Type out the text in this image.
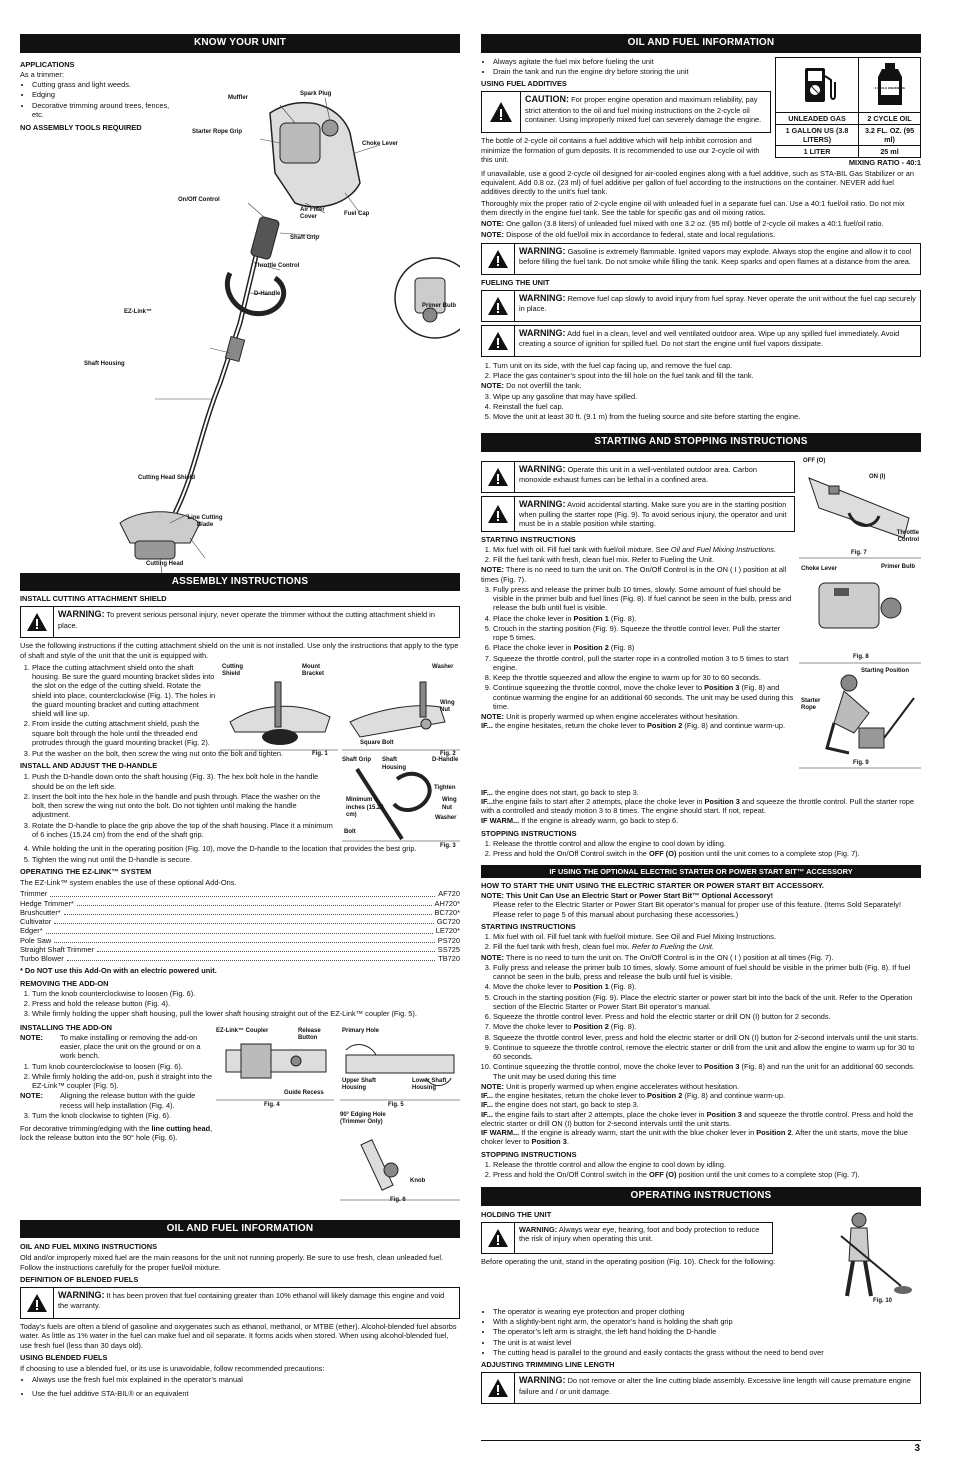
KNOW YOUR UNIT
APPLICATIONS
As a trimmer:
• Cutting grass and light weeds.
• Edging
• Decorative trimming around trees, fences, etc.
NO ASSEMBLY TOOLS REQUIRED
Muffler
Spark Plug
Starter Rope Grip
Choke Lever
On/Off Control
Air Filter Cover
Fuel Cap
Shaft Grip
Throttle Control
D-Handle
Primer Bulb
EZ-Link™
Shaft Housing
Cutting Head Shield
Line Cutting Blade
Cutting Head
ASSEMBLY INSTRUCTIONS
INSTALL CUTTING ATTACHMENT SHIELD
WARNING: To prevent serious personal injury, never operate the trimmer without the cutting attachment shield in place.

Use the following instructions if the cutting attachment shield on the unit is not installed. Use only the instructions that apply to the type of shaft and style of the unit that the unit is equipped with.

1. Place the cutting attachment shield onto the shaft housing. Be sure the guard mounting bracket slides into the slot on the edge of the cutting shield. Rotate the shield into place, counterclockwise (Fig. 1). The holes in the guard mounting bracket and cutting attachment shield will line up.
2. From inside the cutting attachment shield, push the square bolt through the hole until the threaded end protrudes through the guard mounting bracket (Fig. 2).
Cutting Shield
Mount Bracket
Fig. 1
Washer
Wing Nut
Square Bolt
Fig. 2
3. Put the washer on the bolt, then screw the wing nut onto the bolt and tighten.
INSTALL AND ADJUST THE D-HANDLE
1. Push the D-handle down onto the shaft housing (Fig. 3). The hex bolt hole in the handle should be on the left side.
2. Insert the bolt into the hex hole in the handle and push through. Place the washer on the bolt, then screw the wing nut onto the bolt. Do not tighten until making the handle adjustment.
3. Rotate the D-handle to place the grip above the top of the shaft housing. Place it a minimum of 6 inches (15.24 cm) from the end of the shaft grip.
Shaft Grip Shaft Housing
D-Handle
Tighten
Wing Nut
Washer
Minimum 6 inches (15.24 cm)
Bolt
Fig. 3
4. While holding the unit in the operating position (Fig. 10), move the D-handle to the location that provides the best grip.
5. Tighten the wing nut until the D-handle is secure.
OPERATING THE EZ-LINK™ SYSTEM

The EZ-Link™ system enables the use of these optional Add-Ons.

Trimmer	AF720
Hedge Trimmer*	AH720*
Brushcutter*	BC720*
Cultivator	GC720
Edger*	LE720*
Pole Saw	PS720
Straight Shaft Trimmer	SS725
Turbo Blower	TB720
* Do NOT use this Add-On with an electric powered unit.
REMOVING THE ADD-ON
1. Turn the knob counterclockwise to loosen (Fig. 6).
2. Press and hold the release button (Fig. 4).
3. While firmly holding the upper shaft housing, pull the lower shaft housing straight out of the EZ-Link™ coupler (Fig. 5).
INSTALLING THE ADD-ON
NOTE:	To make installing or removing the add-on easier, place the unit on the ground or on a work bench.
1. Turn knob counterclockwise to loosen (Fig. 6).
2. While firmly holding the add-on, push it straight into the EZ-Link™ coupler (Fig. 5).
NOTE:	Aligning the release button with the guide recess will help installation (Fig. 4).
3. Turn the knob clockwise to tighten (Fig. 6).

For decorative trimming/edging with the line cutting head, lock the release button into the 90° hole (Fig. 6).

EZ-Link™ Coupler	Release Button
Guide Recess
Fig. 4
Primary Hole
Upper Shaft Housing
Lower Shaft Housing
Fig. 5
90° Edging Hole (Trimmer Only)
Knob
Fig. 6
OIL AND FUEL INFORMATION
OIL AND FUEL MIXING INSTRUCTIONS

Old and/or improperly mixed fuel are the main reasons for the unit not running properly. Be sure to use fresh, clean unleaded fuel. Follow the instructions carefully for the proper fuel/oil mixture.

DEFINITION OF BLENDED FUELS
WARNING: It has been proven that fuel containing greater than 10% ethanol will likely damage this engine and void the warranty.

Today’s fuels are often a blend of gasoline and oxygenates such as ethanol, methanol, or MTBE (ether). Alcohol-blended fuel absorbs water. As little as 1% water in the fuel can make fuel and oil separate. It forms acids when stored. When using alcohol-blended fuel, use fresh fuel (less than 30 days old).

USING BLENDED FUELS

If choosing to use a blended fuel, or its use is unavoidable, follow recommended precautions:

• Always use the fresh fuel mix explained in the operator’s manual
• Use the fuel additive STA-BIL® or an equivalent
OIL AND FUEL INFORMATION
• Always agitate the fuel mix before fueling the unit
• Drain the tank and run the engine dry before storing the unit
USING FUEL ADDITIVES
CAUTION: For proper engine operation and maximum reliability, pay strict attention to the oil and fuel mixing instructions on the 2-cycle oil container. Using improperly mixed fuel can severely damage the engine.

The bottle of 2-cycle oil contains a fuel additive which will help inhibit corrosion and minimize the formation of gum deposits. It is recommended to use our 2-cycle oil with this unit.

2 CYCLE ENGINE OIL

UNLEADED GAS	2 CYCLE OIL
1 GALLON US (3.8 LITERS)	3.2 FL. OZ. (95 ml)
1 LITER	25 ml
MIXING RATIO - 40:1

If unavailable, use a good 2-cycle oil designed for air-cooled engines along with a fuel additive, such as STA-BIL Gas Stabilizer or an equivalent. Add 0.8 oz. (23 ml) of fuel additive per gallon of fuel according to the instructions on the container. NEVER add fuel additives directly to the unit’s fuel tank.

Thoroughly mix the proper ratio of 2-cycle engine oil with unleaded fuel in a separate fuel can. Use a 40:1 fuel/oil ratio. Do not mix them directly in the engine fuel tank. See the table for specific gas and oil mixing ratios.

NOTE: One gallon (3.8 liters) of unleaded fuel mixed with one 3.2 oz. (95 ml) bottle of 2-cycle oil makes a 40:1 fuel/oil ratio.

NOTE: Dispose of the old fuel/oil mix in accordance to federal, state and local regulations.

WARNING: Gasoline is extremely flammable. Ignited vapors may explode. Always stop the engine and allow it to cool before filling the fuel tank. Do not smoke while filling the tank. Keep sparks and open flames at a distance from the area.
FUELING THE UNIT
WARNING: Remove fuel cap slowly to avoid injury from fuel spray. Never operate the unit without the fuel cap securely in place.
WARNING: Add fuel in a clean, level and well ventilated outdoor area. Wipe up any spilled fuel immediately. Avoid creating a source of ignition for spilled fuel. Do not start the engine until fuel vapors dissipate.
1. Turn unit on its side, with the fuel cap facing up, and remove the fuel cap.
2. Place the gas container’s spout into the fill hole on the fuel tank and fill the tank.
NOTE: Do not overfill the tank.
3. Wipe up any gasoline that may have spilled.
4. Reinstall the fuel cap.
5. Move the unit at least 30 ft. (9.1 m) from the fueling source and site before starting the engine.
STARTING AND STOPPING INSTRUCTIONS
WARNING: Operate this unit in a well-ventilated outdoor area. Carbon monoxide exhaust fumes can be lethal in a confined area.
WARNING: Avoid accidental starting. Make sure you are in the starting position when pulling the starter rope (Fig. 9). To avoid serious injury, the operator and unit must be in a stable position while starting.
STARTING INSTRUCTIONS
1. Mix fuel with oil. Fill fuel tank with fuel/oil mixture. See Oil and Fuel Mixing Instructions.
2. Fill the fuel tank with fresh, clean fuel mix. Refer to Fueling the Unit.
NOTE: There is no need to turn the unit on. The On/Off Control is in the ON ( I ) position at all times (Fig. 7).
3. Fully press and release the primer bulb 10 times, slowly. Some amount of fuel should be visible in the primer bulb and fuel lines (Fig. 8). If fuel cannot be seen in the bulb, press and release the bulb until fuel is visible.
4. Place the choke lever in Position 1 (Fig. 8).
5. Crouch in the starting position (Fig. 9). Squeeze the throttle control lever. Pull the starter rope 5 times.
6. Place the choke lever in Position 2 (Fig. 8)
7. Squeeze the throttle control, pull the starter rope in a controlled motion 3 to 5 times to start engine.
8. Keep the throttle squeezed and allow the engine to warm up for 30 to 60 seconds.
9. Continue squeezing the throttle control, move the choke lever to Position 3 (Fig. 8) and continue warming the engine for an additional 60 seconds. The unit may be used during this time.
NOTE: Unit is properly warmed up when engine accelerates without hesitation.
IF... the engine hesitates, return the choke lever to Position 2 (Fig. 8) and continue warm-up.
OFF (O)
ON (I)
Throttle Control
Fig. 7
Choke Lever	Primer Bulb
Fig. 8
Starting Position
Starter Rope
Fig. 9
IF... the engine does not start, go back to step 3.
IF...the engine fails to start after 2 attempts, place the choke lever in Position 3 and squeeze the throttle control. Pull the starter rope with a controlled and steady motion 3 to 8 times. The engine should start. If not, repeat.
IF WARM... If the engine is already warm, go back to step 6.
STOPPING INSTRUCTIONS
1. Release the throttle control and allow the engine to cool down by idling.
2. Press and hold the On/Off Control switch in the OFF (O) position until the unit comes to a complete stop (Fig. 7).
IF USING THE OPTIONAL ELECTRIC STARTER OR POWER START BIT™ ACCESSORY
HOW TO START THE UNIT USING THE ELECTRIC STARTER OR POWER START BIT ACCESSORY.
NOTE: This Unit Can Use an Electric Start or Power Start Bit™ Optional Accessory!

Please refer to the Electric Starter or Power Start Bit operator’s manual for proper use of this feature. (Items Sold Separately! Please refer to page 5 of this manual about purchasing these accessories.)
STARTING INSTRUCTIONS
1. Mix fuel with oil. Fill fuel tank with fuel/oil mixture. See Oil and Fuel Mixing Instructions.
2. Fill the fuel tank with fresh, clean fuel mix. Refer to Fueling the Unit.
NOTE: There is no need to turn the unit on. The On/Off Control is in the ON ( I ) position at all times (Fig. 7).
3. Fully press and release the primer bulb 10 times, slowly. Some amount of fuel should be visible in the primer bulb (Fig. 8). If fuel cannot be seen in the bulb, press and release the bulb until fuel is visible.
4. Move the choke lever to Position 1 (Fig. 8).
5. Crouch in the starting position (Fig. 9). Place the electric starter or power start bit into the back of the unit. Refer to the Operation section of the Electric Starter or Power Start Bit operator’s manual.
6. Squeeze the throttle control lever. Press and hold the electric starter or drill ON (I) button for 2 seconds.
7. Move the choke lever to Position 2 (Fig. 8).
8. Squeeze the throttle control lever, press and hold the electric starter or drill ON (I) button for 2-second intervals until the unit starts.
9. Continue to squeeze the throttle control, remove the electric starter or drill from the unit and allow the engine to warm up for 30 to 60 seconds.
10. Continue squeezing the throttle control, move the choke lever to Position 3 (Fig. 8) and run the unit for an additional 60 seconds. The unit may be used during this time
NOTE: Unit is properly warmed up when engine accelerates without hesitation.
IF... the engine hesitates, return the choke lever to Position 2 (Fig. 8) and continue warm-up.
IF... the engine does not start, go back to step 3.
IF... the engine fails to start after 2 attempts, place the choke lever in Position 3 and squeeze the throttle control. Press and hold the electric starter or drill ON (I) button for 2-second intervals until the unit starts.
IF WARM... If the engine is already warm, start the unit with the blue choker lever in Position 2. After the unit starts, move the blue choker lever to Position 3.
STOPPING INSTRUCTIONS
1. Release the throttle control and allow the engine to cool down by idling.
2. Press and hold the On/Off Control switch in the OFF (O) position until the unit comes to a complete stop (Fig. 7).
OPERATING INSTRUCTIONS
HOLDING THE UNIT
WARNING: Always wear eye, hearing, foot and body protection to reduce the risk of injury when operating this unit.

Before operating the unit, stand in the operating position (Fig. 10). Check for the following:

Fig. 10
• The operator is wearing eye protection and proper clothing
• With a slightly-bent right arm, the operator’s hand is holding the shaft grip
• The operator’s left arm is straight, the left hand holding the D-handle
• The unit is at waist level
• The cutting head is parallel to the ground and easily contacts the grass without the need to bend over
ADJUSTING TRIMMING LINE LENGTH
WARNING: Do not remove or alter the line cutting blade assembly. Excessive line length will cause premature engine failure and / or unit damage.
3
